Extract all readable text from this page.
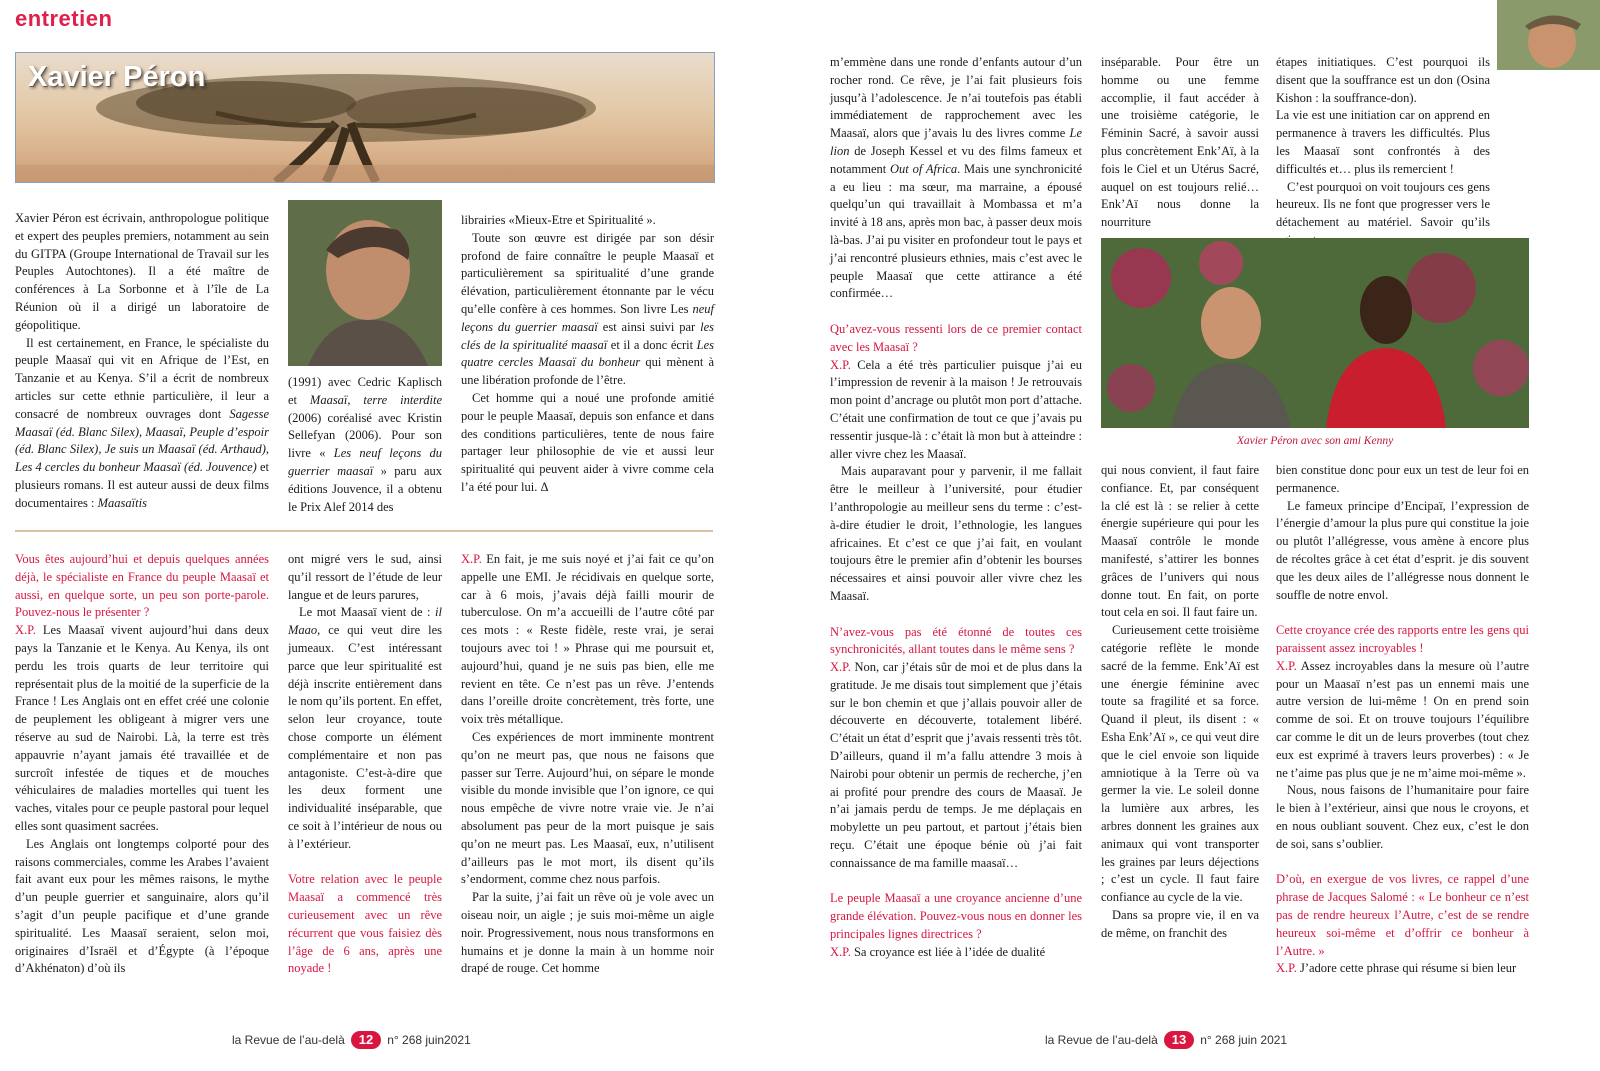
entretien
Xavier Péron

Xavier Péron est écrivain, anthropologue politique et expert des peuples premiers, notamment au sein du GITPA (Groupe International de Travail sur les Peuples Autochtones). Il a été maître de conférences à La Sorbonne et à l’île de La Réunion où il a dirigé un laboratoire de géopolitique.

Il est certainement, en France, le spécialiste du peuple Maasaï qui vit en Afrique de l’Est, en Tanzanie et au Kenya. S’il a écrit de nombreux articles sur cette ethnie particulière, il leur a consacré de nombreux ouvrages dont Sagesse Maasaï (éd. Blanc Silex), Maasaï, Peuple d’espoir (éd. Blanc Silex), Je suis un Maasaï (éd. Arthaud), Les 4 cercles du bonheur Maasaï (éd. Jouvence) et plusieurs romans. Il est auteur aussi de deux films documentaires : Maasaïtis

(1991) avec Cedric Kaplisch et Maasaï, terre interdite (2006) coréalisé avec Kristin Sellefyan (2006). Pour son livre « Les neuf leçons du guerrier maasaï » paru aux éditions Jouvence, il a obtenu le Prix Alef 2014 des

librairies «Mieux-Etre et Spiritualité ».

Toute son œuvre est dirigée par son désir profond de faire connaître le peuple Maasaï et particulièrement sa spiritualité d’une grande élévation, particulièrement étonnante par le vécu qu’elle confère à ces hommes. Son livre Les neuf leçons du guerrier maasaï est ainsi suivi par les clés de la spiritualité maasaï et il a donc écrit Les quatre cercles Maasaï du bonheur qui mènent à une libération profonde de l’être.

Cet homme qui a noué une profonde amitié pour le peuple Maasaï, depuis son enfance et dans des conditions particulières, tente de nous faire partager leur philosophie de vie et aussi leur spiritualité qui peuvent aider à vivre comme cela l’a été pour lui. Δ

Vous êtes aujourd’hui et depuis quelques années déjà, le spécialiste en France du peuple Maasaï et aussi, en quelque sorte, un peu son porte-parole. Pouvez-nous le présenter ?

X.P. Les Maasaï vivent aujourd’hui dans deux pays la Tanzanie et le Kenya. Au Kenya, ils ont perdu les trois quarts de leur territoire qui représentait plus de la moitié de la superficie de la France ! Les Anglais ont en effet créé une colonie de peuplement les obligeant à migrer vers une réserve au sud de Nairobi. Là, la terre est très appauvrie n’ayant jamais été travaillée et de surcroît infestée de tiques et de mouches véhiculaires de maladies mortelles qui tuent les vaches, vitales pour ce peuple pastoral pour lequel elles sont quasiment sacrées.

Les Anglais ont longtemps colporté pour des raisons commerciales, comme les Arabes l’avaient fait avant eux pour les mêmes raisons, le mythe d’un peuple guerrier et sanguinaire, alors qu’il s’agit d’un peuple pacifique et d’une grande spiritualité. Les Maasaï seraient, selon moi, originaires d’Israël et d’Égypte (à l’époque d’Akhénaton) d’où ils

ont migré vers le sud, ainsi qu’il ressort de l’étude de leur langue et de leurs parures,

Le mot Maasaï vient de : il Maao, ce qui veut dire les jumeaux. C’est intéressant parce que leur spiritualité est déjà inscrite entièrement dans le nom qu’ils portent. En effet, selon leur croyance, toute chose comporte un élément complémentaire et non pas antagoniste. C’est-à-dire que les deux forment une individualité inséparable, que ce soit à l’intérieur de nous ou à l’extérieur.

Votre relation avec le peuple Maasaï a commencé très curieusement avec un rêve récurrent que vous faisiez dès l’âge de 6 ans, après une noyade !

X.P. En fait, je me suis noyé et j’ai fait ce qu’on appelle une EMI. Je récidivais en quelque sorte, car à 6 mois, j’avais déjà failli mourir de tuberculose. On m’a accueilli de l’autre côté par ces mots : « Reste fidèle, reste vrai, je serai toujours avec toi ! » Phrase qui me poursuit et, aujourd’hui, quand je ne suis pas bien, elle me revient en tête. Ce n’est pas un rêve. J’entends dans l’oreille droite concrètement, très forte, une voix très métallique.

Ces expériences de mort imminente montrent qu’on ne meurt pas, que nous ne faisons que passer sur Terre. Aujourd’hui, on sépare le monde visible du monde invisible que l’on ignore, ce qui nous empêche de vivre notre vraie vie. Je n’ai absolument pas peur de la mort puisque je sais qu’on ne meurt pas. Les Maasaï, eux, n’utilisent d’ailleurs pas le mot mort, ils disent qu’ils s’endorment, comme chez nous parfois.

Par la suite, j’ai fait un rêve où je vole avec un oiseau noir, un aigle ; je suis moi-même un aigle noir. Progressivement, nous nous transformons en humains et je donne la main à un homme noir drapé de rouge. Cet homme

la Revue de l’au-delà	12	n° 268 juin2021

m’emmène dans une ronde d’enfants autour d’un rocher rond. Ce rêve, je l’ai fait plusieurs fois jusqu’à l’adolescence. Je n’ai toutefois pas établi immédiatement de rapprochement avec les Maasaï, alors que j’avais lu des livres comme Le lion de Joseph Kessel et vu des films fameux et notamment Out of Africa. Mais une synchronicité a eu lieu : ma sœur, ma marraine, a épousé quelqu’un qui travaillait à Mombassa et m’a invité à 18 ans, après mon bac, à passer deux mois là-bas. J’ai pu visiter en profondeur tout le pays et j’ai rencontré plusieurs ethnies, mais c’est avec le peuple Maasaï que cette attirance a été confirmée…

Qu’avez-vous ressenti lors de ce premier contact avec les Maasaï ?

X.P. Cela a été très particulier puisque j’ai eu l’impression de revenir à la maison ! Je retrouvais mon point d’ancrage ou plutôt mon port d’attache. C’était une confirmation de tout ce que j’avais pu ressentir jusque-là : c’était là mon but à atteindre : aller vivre chez les Maasaï.

Mais auparavant pour y parvenir, il me fallait être le meilleur à l’université, pour étudier l’anthropologie au meilleur sens du terme : c’est-à-dire étudier le droit, l’ethnologie, les langues africaines. Et c’est ce que j’ai fait, en voulant toujours être le premier afin d’obtenir les bourses nécessaires et ainsi pouvoir aller vivre chez les Maasaï.

N’avez-vous pas été étonné de toutes ces synchronicités, allant toutes dans le même sens ?

X.P. Non, car j’étais sûr de moi et de plus dans la gratitude. Je me disais tout simplement que j’étais sur le bon chemin et que j’allais pouvoir aller de découverte en découverte, totalement libéré. C’était un état d’esprit que j’avais ressenti très tôt. D’ailleurs, quand il m’a fallu attendre 3 mois à Nairobi pour obtenir un permis de recherche, j’en ai profité pour prendre des cours de Maasaï. Je n’ai jamais perdu de temps. Je me déplaçais en mobylette un peu partout, et partout j’étais bien reçu. C’était une époque bénie où j’ai fait connaissance de ma famille maasaï…

Le peuple Maasaï a une croyance ancienne d’une grande élévation. Pouvez-vous nous en donner les principales lignes directrices ?

X.P. Sa croyance est liée à l’idée de dualité

inséparable. Pour être un homme ou une femme accomplie, il faut accéder à une troisième catégorie, le Féminin Sacré, à savoir aussi plus concrètement Enk’Aï, à la fois le Ciel et un Utérus Sacré, auquel on est toujours relié… Enk’Aï nous donne la nourriture

étapes initiatiques. C’est pourquoi ils disent que la souffrance est un don (Osina Kishon : la souffrance-don).

La vie est une initiation car on apprend en permanence à travers les difficultés. Plus les Maasaï sont confrontés à des difficultés et… plus ils remercient !

C’est pourquoi on voit toujours ces gens heureux. Ils ne font que progresser vers le détachement au matériel. Savoir qu’ils

Xavier Péron avec son ami Kenny

qui nous convient, il faut faire confiance. Et, par conséquent la clé est là : se relier à cette énergie supérieure qui pour les Maasaï contrôle le monde manifesté, s’attirer les bonnes grâces de l’univers qui nous donne tout. En fait, on porte tout cela en soi. Il faut faire un.

Curieusement cette troisième catégorie reflète le monde sacré de la femme. Enk’Aï est une énergie féminine avec toute sa fragilité et sa force. Quand il pleut, ils disent : « Esha Enk’Aï », ce qui veut dire que le ciel envoie son liquide amniotique à la Terre où va germer la vie. Le soleil donne la lumière aux arbres, les arbres donnent les graines aux animaux qui vont transporter les graines par leurs déjections ; c’est un cycle. Il faut faire confiance au cycle de la vie.

Dans sa propre vie, il en va de même, on franchit des

bien constitue donc pour eux un test de leur foi en permanence.

Le fameux principe d’Encipaï, l’expression de l’énergie d’amour la plus pure qui constitue la joie ou plutôt l’allégresse, vous amène à encore plus de récoltes grâce à cet état d’esprit. je dis souvent que les deux ailes de l’allégresse nous donnent le souffle de notre envol.

Cette croyance crée des rapports entre les gens qui paraissent assez incroyables !

X.P. Assez incroyables dans la mesure où l’autre pour un Maasaï n’est pas un ennemi mais une autre version de lui-même ! On en prend soin comme de soi. Et on trouve toujours l’équilibre car comme le dit un de leurs proverbes (tout chez eux est exprimé à travers leurs proverbes) : « Je ne t’aime pas plus que je ne m’aime moi-même ».

Nous, nous faisons de l’humanitaire pour faire le bien à l’extérieur, ainsi que nous le croyons, et en nous oubliant souvent. Chez eux, c’est le don de soi, sans s’oublier.

D’où, en exergue de vos livres, ce rappel d’une phrase de Jacques Salomé : « Le bonheur ce n’est pas de rendre heureux l’Autre, c’est de se rendre heureux soi-même et d’offrir ce bonheur à l’Autre. »

X.P. J’adore cette phrase qui résume si bien leur

la Revue de l’au-delà	13	n° 268 juin 2021
